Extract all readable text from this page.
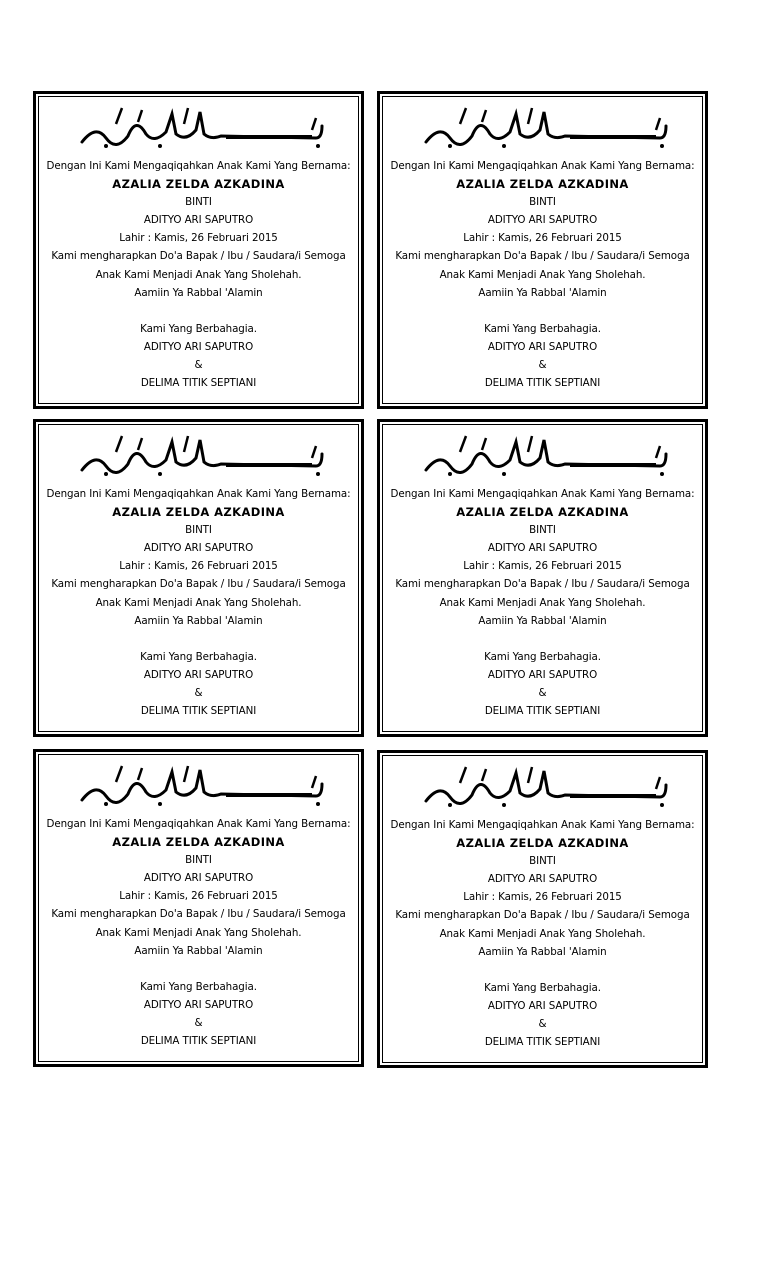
Dengan Ini Kami Mengaqiqahkan Anak Kami Yang Bernama:
AZALIA ZELDA AZKADINA
BINTI
ADITYO ARI SAPUTRO
Lahir : Kamis, 26 Februari 2015
Kami mengharapkan Do'a Bapak / Ibu / Saudara/i Semoga
Anak Kami Menjadi Anak Yang Sholehah.
Aamiin Ya Rabbal 'Alamin
Kami Yang Berbahagia.
ADITYO ARI SAPUTRO
&
DELIMA TITIK SEPTIANI
Dengan Ini Kami Mengaqiqahkan Anak Kami Yang Bernama:
AZALIA ZELDA AZKADINA
BINTI
ADITYO ARI SAPUTRO
Lahir : Kamis, 26 Februari 2015
Kami mengharapkan Do'a Bapak / Ibu / Saudara/i Semoga
Anak Kami Menjadi Anak Yang Sholehah.
Aamiin Ya Rabbal 'Alamin
Kami Yang Berbahagia.
ADITYO ARI SAPUTRO
&
DELIMA TITIK SEPTIANI
Dengan Ini Kami Mengaqiqahkan Anak Kami Yang Bernama:
AZALIA ZELDA AZKADINA
BINTI
ADITYO ARI SAPUTRO
Lahir : Kamis, 26 Februari 2015
Kami mengharapkan Do'a Bapak / Ibu / Saudara/i Semoga
Anak Kami Menjadi Anak Yang Sholehah.
Aamiin Ya Rabbal 'Alamin
Kami Yang Berbahagia.
ADITYO ARI SAPUTRO
&
DELIMA TITIK SEPTIANI
Dengan Ini Kami Mengaqiqahkan Anak Kami Yang Bernama:
AZALIA ZELDA AZKADINA
BINTI
ADITYO ARI SAPUTRO
Lahir : Kamis, 26 Februari 2015
Kami mengharapkan Do'a Bapak / Ibu / Saudara/i Semoga
Anak Kami Menjadi Anak Yang Sholehah.
Aamiin Ya Rabbal 'Alamin
Kami Yang Berbahagia.
ADITYO ARI SAPUTRO
&
DELIMA TITIK SEPTIANI
Dengan Ini Kami Mengaqiqahkan Anak Kami Yang Bernama:
AZALIA ZELDA AZKADINA
BINTI
ADITYO ARI SAPUTRO
Lahir : Kamis, 26 Februari 2015
Kami mengharapkan Do'a Bapak / Ibu / Saudara/i Semoga
Anak Kami Menjadi Anak Yang Sholehah.
Aamiin Ya Rabbal 'Alamin
Kami Yang Berbahagia.
ADITYO ARI SAPUTRO
&
DELIMA TITIK SEPTIANI
Dengan Ini Kami Mengaqiqahkan Anak Kami Yang Bernama:
AZALIA ZELDA AZKADINA
BINTI
ADITYO ARI SAPUTRO
Lahir : Kamis, 26 Februari 2015
Kami mengharapkan Do'a Bapak / Ibu / Saudara/i Semoga
Anak Kami Menjadi Anak Yang Sholehah.
Aamiin Ya Rabbal 'Alamin
Kami Yang Berbahagia.
ADITYO ARI SAPUTRO
&
DELIMA TITIK SEPTIANI
